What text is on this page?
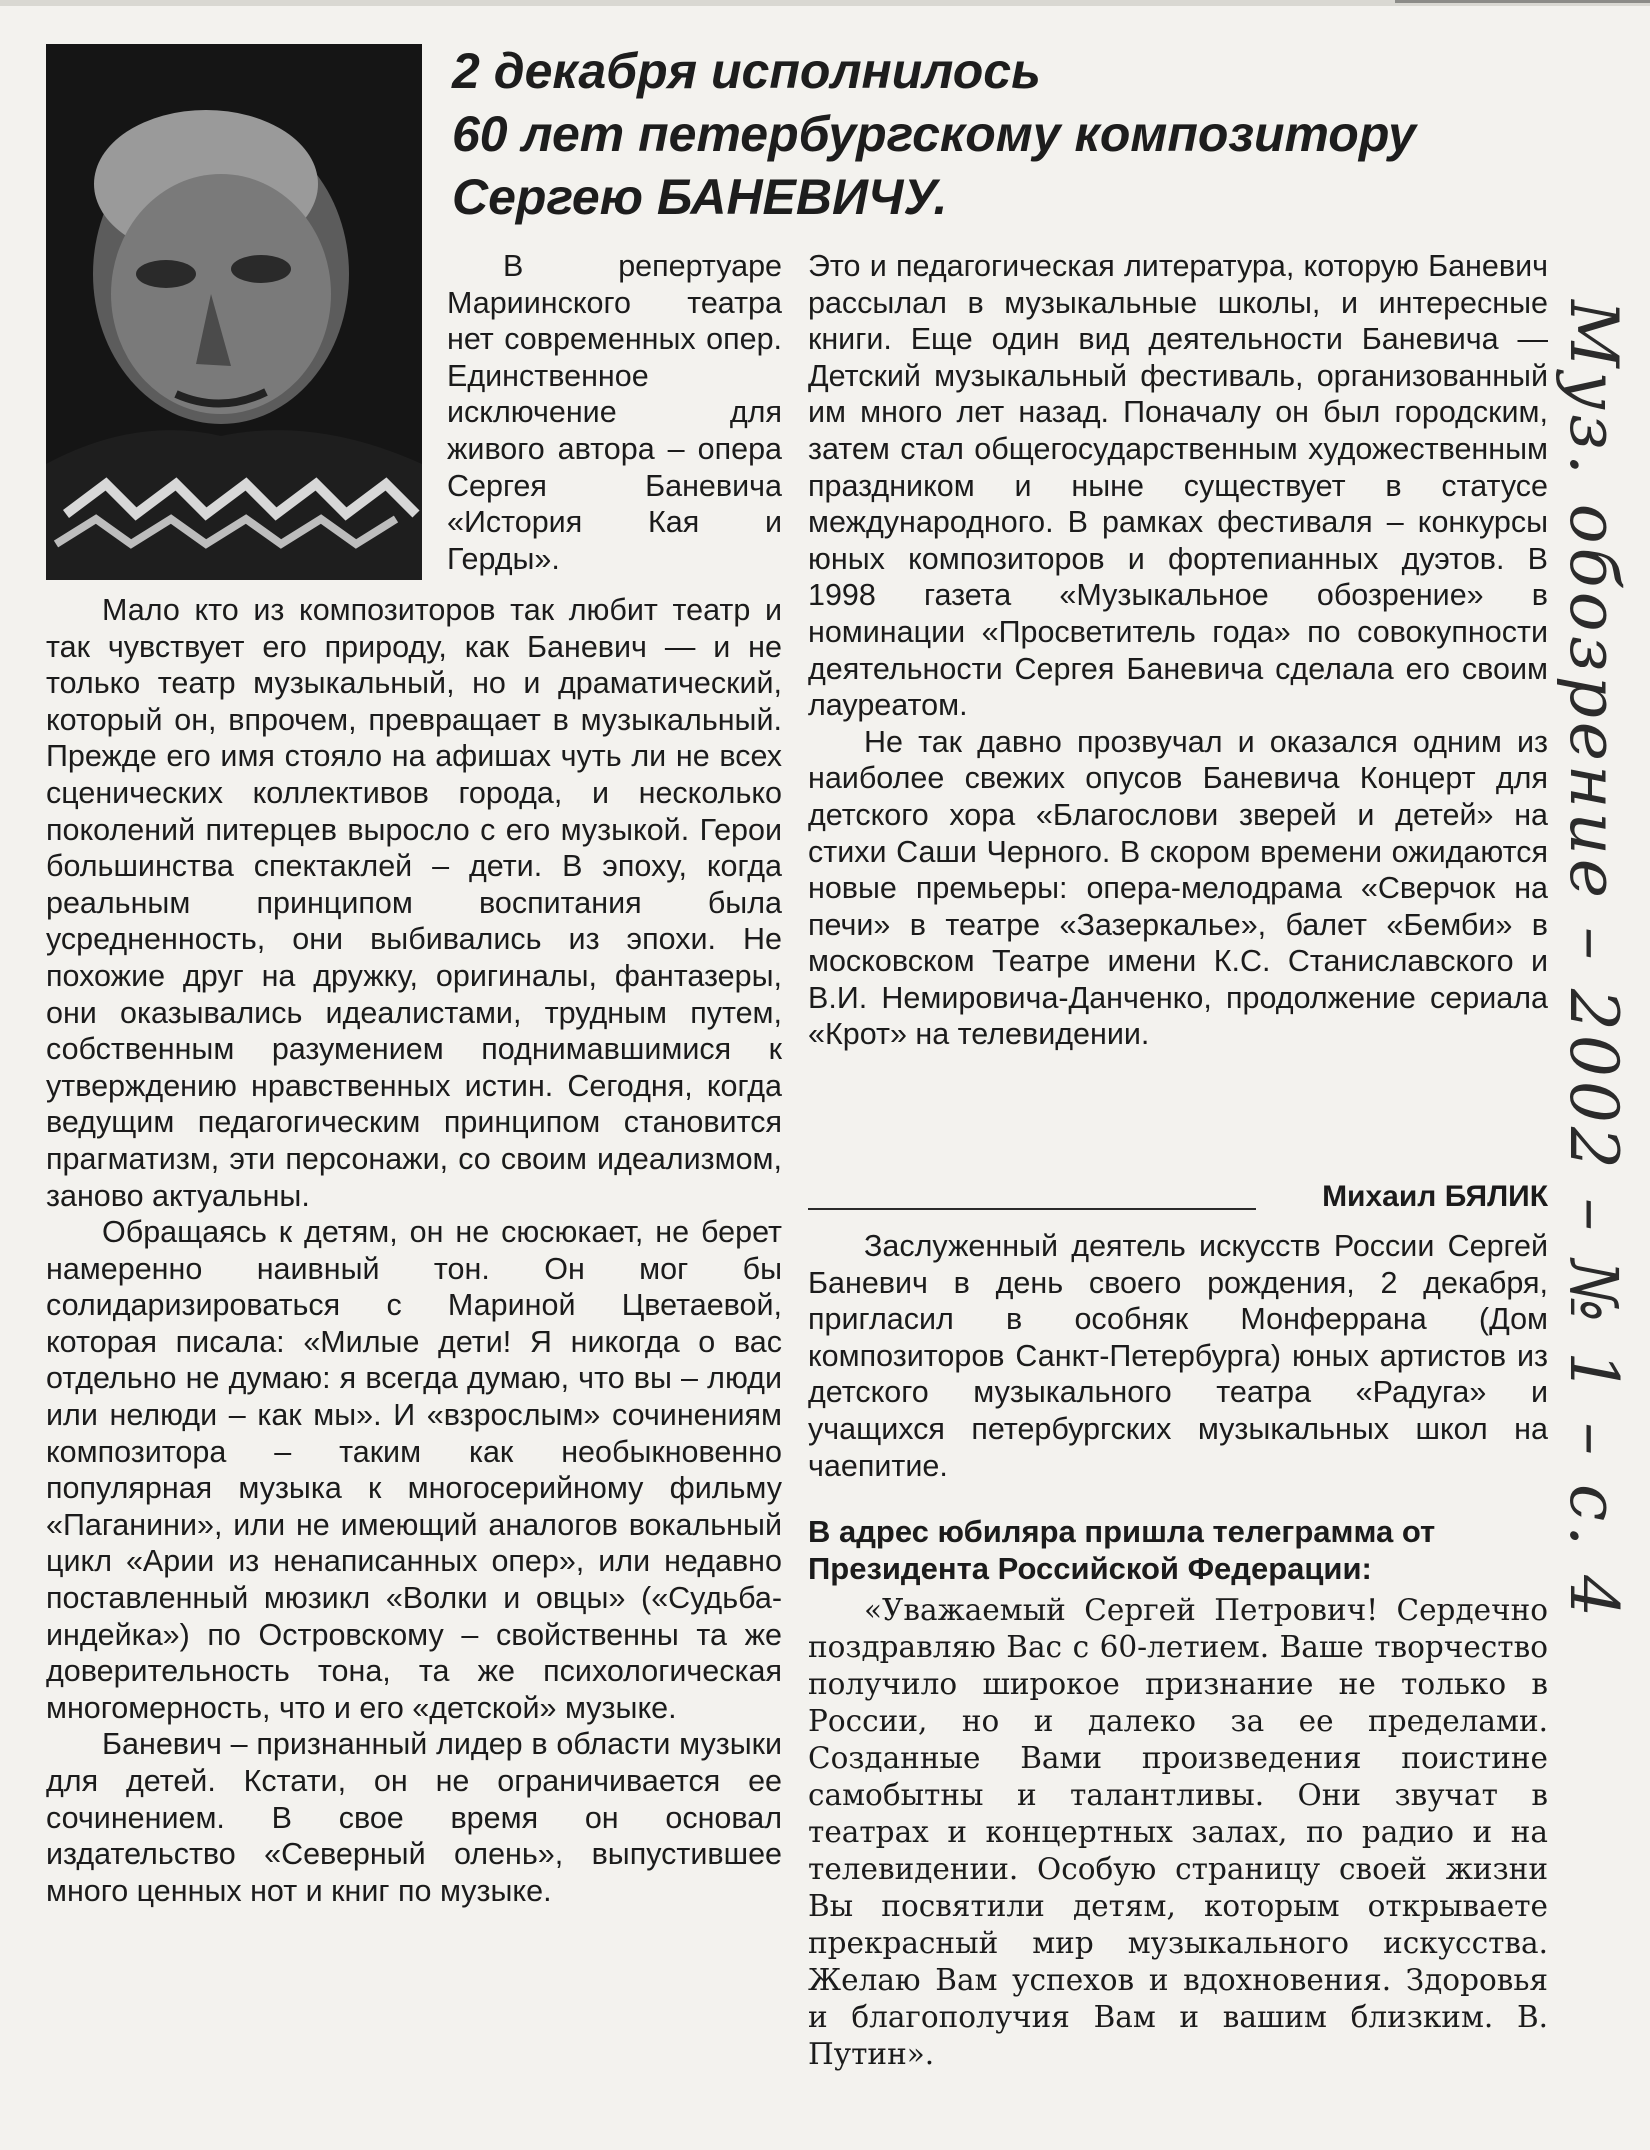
2 декабря исполнилось
60 лет петербургскому композитору
Сергею БАНЕВИЧУ.

В репертуаре Мариинского театра нет современных опер. Единственное исключение для живого автора – опера Сергея Баневича «История Кая и Герды».

Мало кто из композиторов так любит театр и так чувствует его природу, как Баневич — и не только театр музыкальный, но и драматический, который он, впрочем, превращает в музыкальный. Прежде его имя стояло на афишах чуть ли не всех сценических коллективов города, и несколько поколений питерцев выросло с его музыкой. Герои большинства спектаклей – дети. В эпоху, когда реальным принципом воспитания была усредненность, они выбивались из эпохи. Не похожие друг на дружку, оригиналы, фантазеры, они оказывались идеалистами, трудным путем, собственным разумением поднимавшимися к утверждению нравственных истин. Сегодня, когда ведущим педагогическим принципом становится прагматизм, эти персонажи, со своим идеализмом, заново актуальны.

Обращаясь к детям, он не сюсюкает, не берет намеренно наивный тон. Он мог бы солидаризироваться с Мариной Цветаевой, которая писала: «Милые дети! Я никогда о вас отдельно не думаю: я всегда думаю, что вы – люди или нелюди – как мы». И «взрослым» сочинениям композитора – таким как необыкновенно популярная музыка к многосерийному фильму «Паганини», или не имеющий аналогов вокальный цикл «Арии из ненаписанных опер», или недавно поставленный мюзикл «Волки и овцы» («Судьба-индейка») по Островскому – свойственны та же доверительность тона, та же психологическая многомерность, что и его «детской» музыке.

Баневич – признанный лидер в области музыки для детей. Кстати, он не ограничивается ее сочинением. В свое время он основал издательство «Северный олень», выпустившее много ценных нот и книг по музыке.

Это и педагогическая литература, которую Баневич рассылал в музыкальные школы, и интересные книги. Еще один вид деятельности Баневича — Детский музыкальный фестиваль, организованный им много лет назад. Поначалу он был городским, затем стал общегосударственным художественным праздником и ныне существует в статусе международного. В рамках фестиваля – конкурсы юных композиторов и фортепианных дуэтов. В 1998 газета «Музыкальное обозрение» в номинации «Просветитель года» по совокупности деятельности Сергея Баневича сделала его своим лауреатом.

Не так давно прозвучал и оказался одним из наиболее свежих опусов Баневича Концерт для детского хора «Благослови зверей и детей» на стихи Саши Черного. В скором времени ожидаются новые премьеры: опера-мелодрама «Сверчок на печи» в театре «Зазеркалье», балет «Бемби» в московском Театре имени К.С. Станиславского и В.И. Немировича-Данченко, продолжение сериала «Крот» на телевидении.

Михаил БЯЛИК

Заслуженный деятель искусств России Сергей Баневич в день своего рождения, 2 декабря, пригласил в особняк Монферрана (Дом композиторов Санкт-Петербурга) юных артистов из детского музыкального театра «Радуга» и учащихся петербургских музыкальных школ на чаепитие.

В адрес юбиляра пришла телеграмма от Президента Российской Федерации:

«Уважаемый Сергей Петрович! Сердечно поздравляю Вас с 60-летием. Ваше творчество получило широкое признание не только в России, но и далеко за ее пределами. Созданные Вами произведения поистине самобытны и талантливы. Они звучат в театрах и концертных залах, по радио и на телевидении. Особую страницу своей жизни Вы посвятили детям, которым открываете прекрасный мир музыкального искусства. Желаю Вам успехов и вдохновения. Здоровья и благополучия Вам и вашим близким. В. Путин».

Муз. обозрение – 2002 – № 1 – с. 4
